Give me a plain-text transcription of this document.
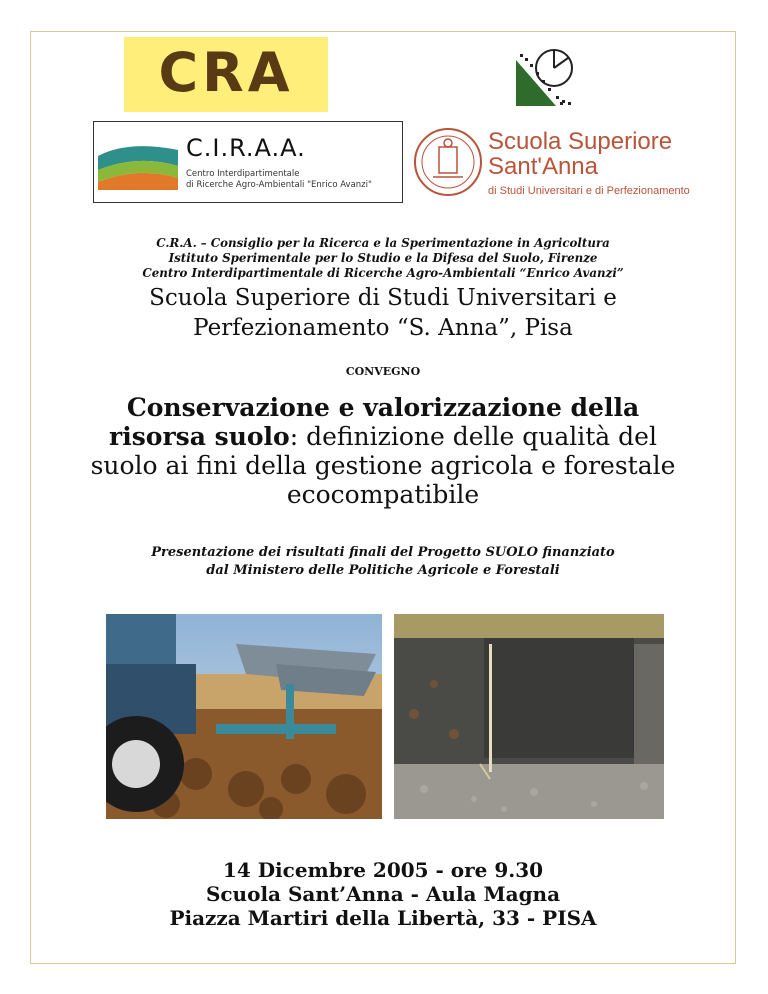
CRA
C.I.R.A.A.
Centro Interdipartimentale
di Ricerche Agro-Ambientali "Enrico Avanzi"
Scuola Superiore
Sant'Anna
di Studi Universitari e di Perfezionamento
C.R.A. – Consiglio per la Ricerca e la Sperimentazione in Agricoltura
Istituto Sperimentale per lo Studio e la Difesa del Suolo, Firenze
Centro Interdipartimentale di Ricerche Agro-Ambientali “Enrico Avanzi”
Scuola Superiore di Studi Universitari e
Perfezionamento “S. Anna”, Pisa
CONVEGNO
Conservazione e valorizzazione della
risorsa suolo: definizione delle qualità del
suolo ai fini della gestione agricola e forestale
ecocompatibile
Presentazione dei risultati finali del Progetto SUOLO finanziato
dal Ministero delle Politiche Agricole e Forestali
14 Dicembre 2005 - ore 9.30
Scuola Sant’Anna - Aula Magna
Piazza Martiri della Libertà, 33 - PISA
